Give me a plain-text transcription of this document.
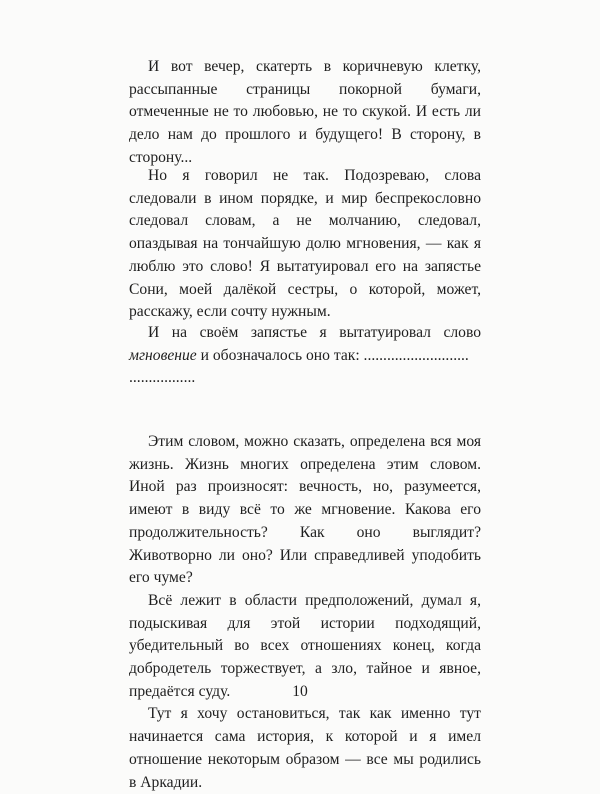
И вот вечер, скатерть в коричневую клетку, рассыпанные страницы покорной бумаги, отмеченные не то любовью, не то скукой. И есть ли дело нам до прошлого и будущего! В сторону, в сторону...

Но я говорил не так. Подозреваю, слова следовали в ином порядке, и мир беспрекословно следовал словам, а не молчанию, следовал, опаздывая на тончайшую долю мгновения, — как я люблю это слово! Я вытатуировал его на запястье Сони, моей далёкой сестры, о которой, может, расскажу, если сочту нужным.

И на своём запястье я вытатуировал слово мгновение и обозначалось оно так: ...........................
.................

Этим словом, можно сказать, определена вся моя жизнь. Жизнь многих определена этим словом. Иной раз произносят: вечность, но, разумеется, имеют в виду всё то же мгновение. Какова его продолжительность? Как оно выглядит? Животворно ли оно? Или справедливей уподобить его чуме?

Всё лежит в области предположений, думал я, подыскивая для этой истории подходящий, убедительный во всех отношениях конец, когда добродетель торжествует, а зло, тайное и явное, предаётся суду.

Тут я хочу остановиться, так как именно тут начинается сама история, к которой и я имел отношение некоторым образом — все мы родились в Аркадии.

10
